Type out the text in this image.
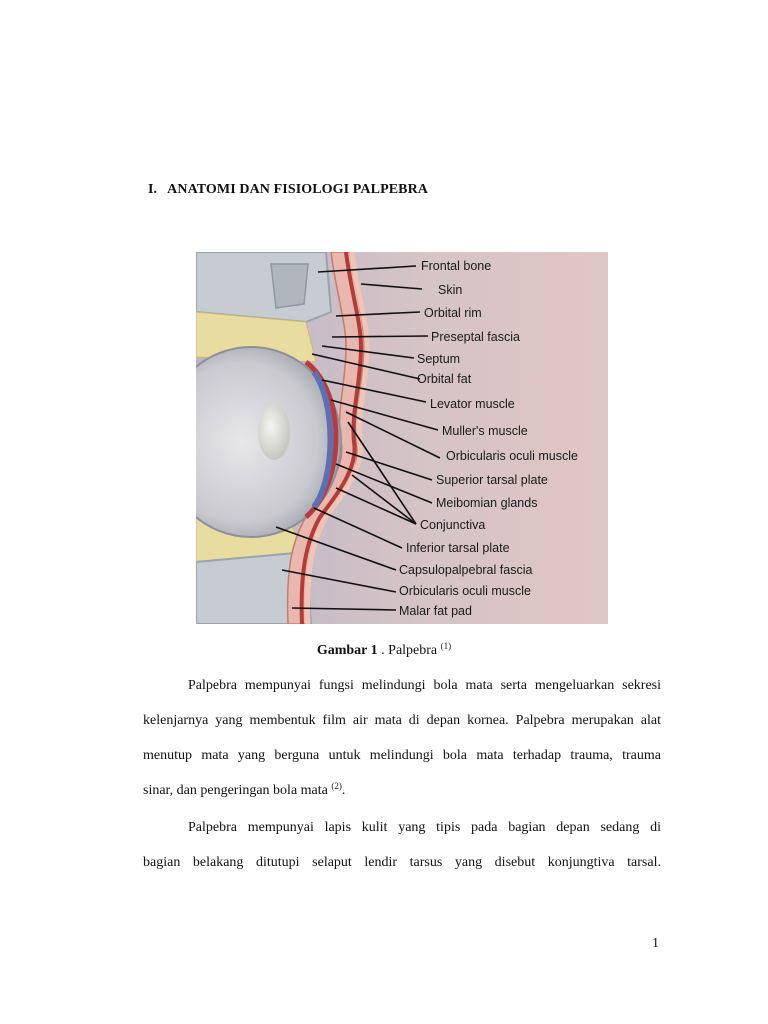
I. ANATOMI DAN FISIOLOGI PALPEBRA
Frontal bone
Skin
Orbital rim
Preseptal fascia
Septum
Orbital fat
Levator muscle
Muller's muscle
Orbicularis oculi muscle
Superior tarsal plate
Meibomian glands
Conjunctiva
Inferior tarsal plate
Capsulopalpebral fascia
Orbicularis oculi muscle
Malar fat pad
Gambar 1 . Palpebra $^{(1)}$
Palpebra mempunyai fungsi melindungi bola mata serta mengeluarkan sekresi
kelenjarnya yang membentuk film air mata di depan kornea. Palpebra merupakan alat
menutup mata yang berguna untuk melindungi bola mata terhadap trauma, trauma
sinar, dan pengeringan bola mata $^{(2)}$.
Palpebra mempunyai lapis kulit yang tipis pada bagian depan sedang di
bagian belakang ditutupi selaput lendir tarsus yang disebut konjungtiva tarsal.
1
